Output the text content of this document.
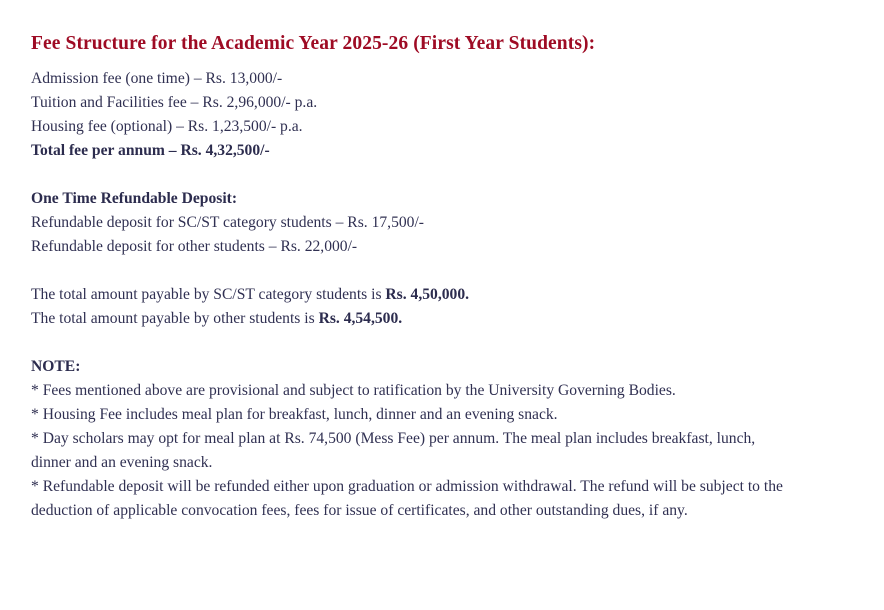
Fee Structure for the Academic Year 2025-26 (First Year Students):
Admission fee (one time) – Rs. 13,000/-
Tuition and Facilities fee – Rs. 2,96,000/- p.a.
Housing fee (optional) – Rs. 1,23,500/- p.a.
Total fee per annum – Rs. 4,32,500/-
One Time Refundable Deposit:
Refundable deposit for SC/ST category students – Rs. 17,500/-
Refundable deposit for other students – Rs. 22,000/-
The total amount payable by SC/ST category students is Rs. 4,50,000.
The total amount payable by other students is Rs. 4,54,500.
NOTE:
* Fees mentioned above are provisional and subject to ratification by the University Governing Bodies.
* Housing Fee includes meal plan for breakfast, lunch, dinner and an evening snack.
* Day scholars may opt for meal plan at Rs. 74,500 (Mess Fee) per annum. The meal plan includes breakfast, lunch, dinner and an evening snack.
* Refundable deposit will be refunded either upon graduation or admission withdrawal. The refund will be subject to the deduction of applicable convocation fees, fees for issue of certificates, and other outstanding dues, if any.
